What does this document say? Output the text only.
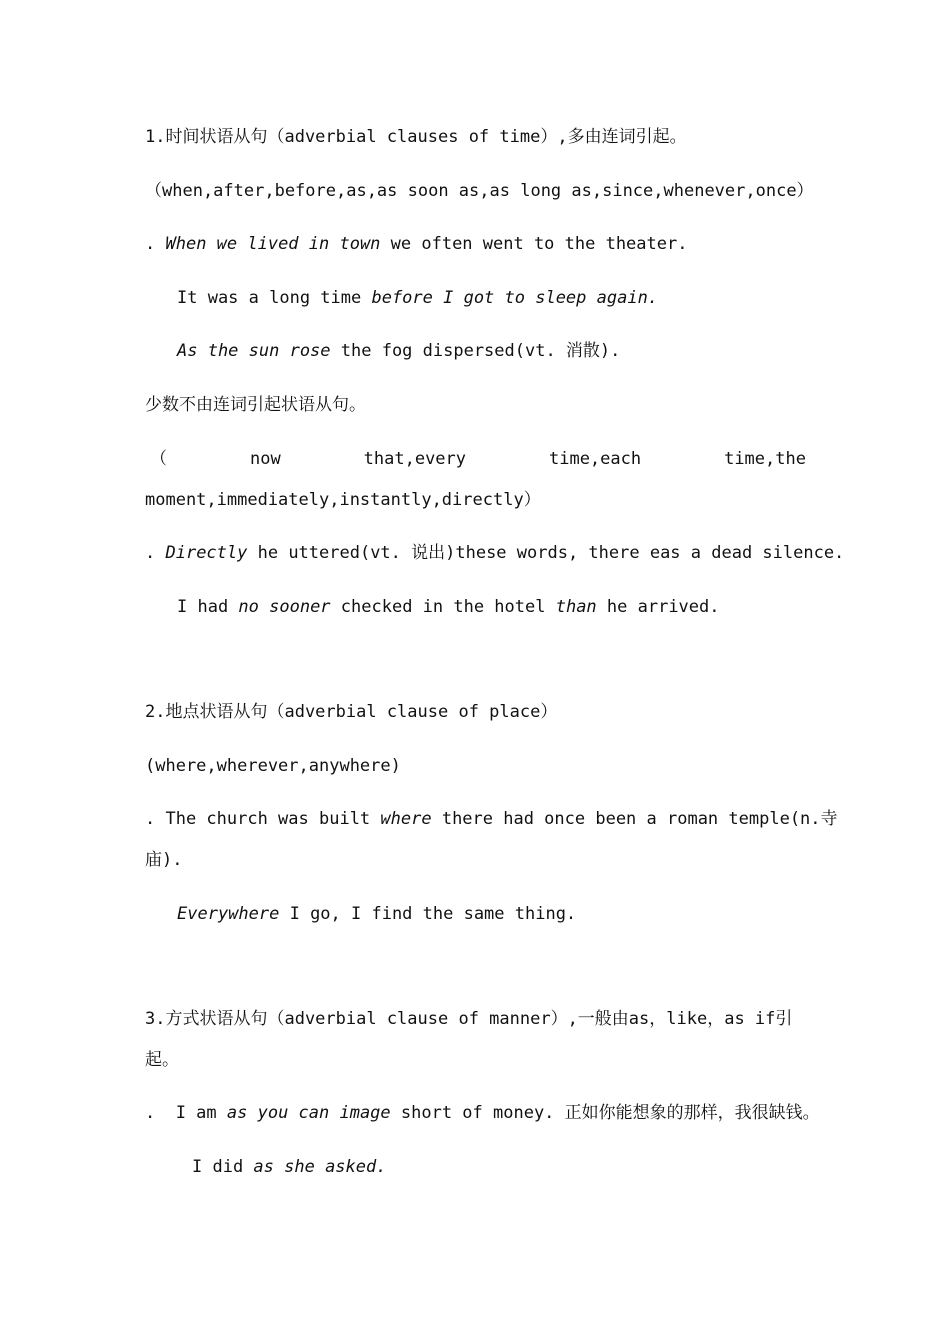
1.时间状语从句（adverbial clauses of time）,多由连词引起。
（when,after,before,as,as soon as,as long as,since,whenever,once）
. When we lived in town we often went to the theater.
It was a long time before I got to sleep again.
As the sun rose the fog dispersed(vt. 消散).
少数不由连词引起状语从句。
（	now	that,every	time,each	time,the
moment,immediately,instantly,directly）
. Directly he uttered(vt. 说出)these words, there eas a dead silence.
I had no sooner checked in the hotel than he arrived.
2.地点状语从句（adverbial clause of place）
(where,wherever,anywhere)
. The church was built where there had once been a roman temple(n.寺
庙).
Everywhere I go, I find the same thing.
3.方式状语从句（adverbial clause of manner）,一般由as，like，as if引
起。
.  I am as you can image short of money. 正如你能想象的那样，我很缺钱。
I did as she asked.
